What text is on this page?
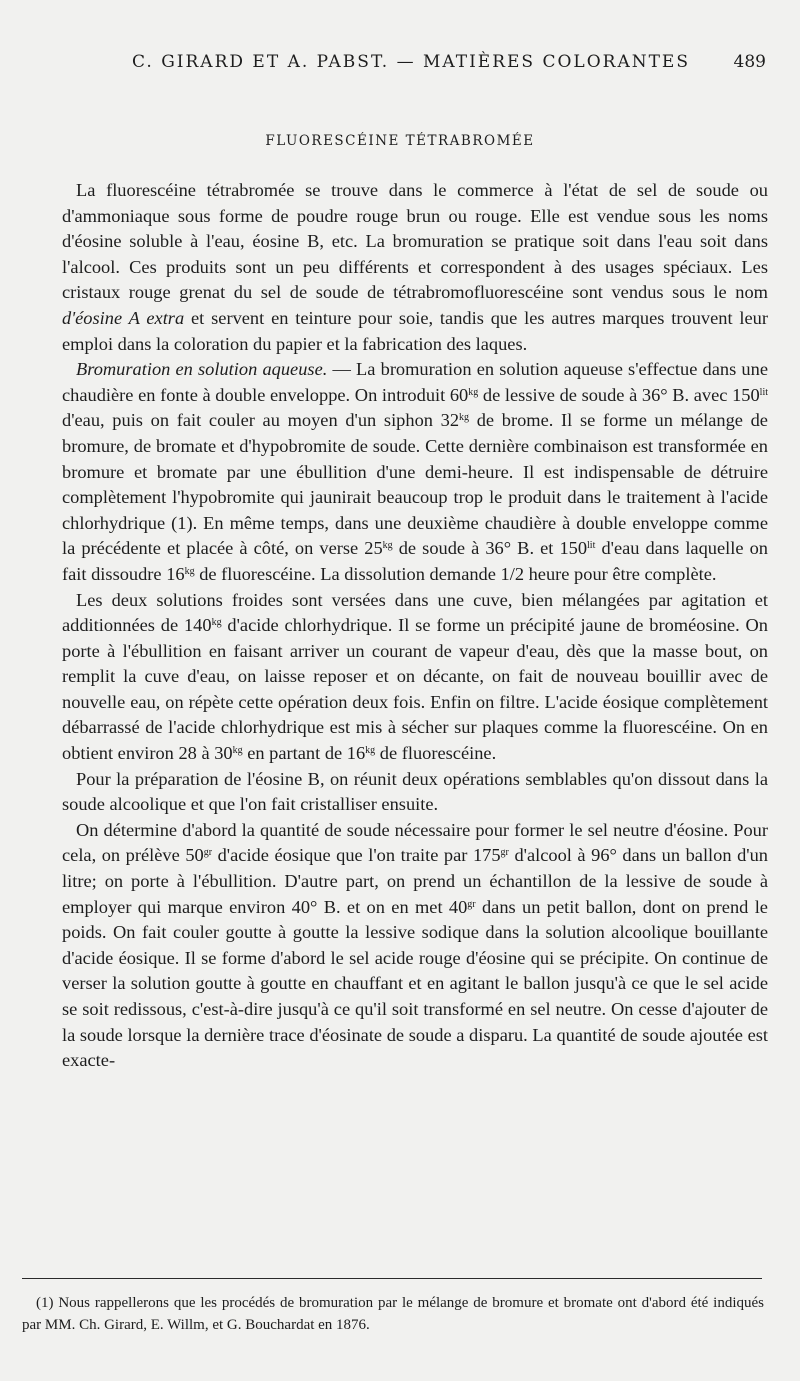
C. GIRARD ET A. PABST. — MATIÈRES COLORANTES	489
FLUORESCÉINE TÉTRABROMÉE

La fluorescéine tétrabromée se trouve dans le commerce à l'état de sel de soude ou d'ammoniaque sous forme de poudre rouge brun ou rouge. Elle est vendue sous les noms d'éosine soluble à l'eau, éosine B, etc. La bromuration se pratique soit dans l'eau soit dans l'alcool. Ces produits sont un peu différents et correspondent à des usages spéciaux. Les cristaux rouge grenat du sel de soude de tétrabromofluorescéine sont vendus sous le nom d'éosine A extra et servent en teinture pour soie, tandis que les autres marques trouvent leur emploi dans la coloration du papier et la fabrication des laques.

Bromuration en solution aqueuse. — La bromuration en solution aqueuse s'effectue dans une chaudière en fonte à double enveloppe. On introduit $60^{kg}$ de lessive de soude à 36° B. avec $150^{lit}$ d'eau, puis on fait couler au moyen d'un siphon $32^{kg}$ de brome. Il se forme un mélange de bromure, de bromate et d'hypobromite de soude. Cette dernière combinaison est transformée en bromure et bromate par une ébullition d'une demi-heure. Il est indispensable de détruire complètement l'hypobromite qui jaunirait beaucoup trop le produit dans le traitement à l'acide chlorhydrique (1). En même temps, dans une deuxième chaudière à double enveloppe comme la précédente et placée à côté, on verse $25^{kg}$ de soude à 36° B. et $150^{lit}$ d'eau dans laquelle on fait dissoudre $16^{kg}$ de fluorescéine. La dissolution demande 1/2 heure pour être complète.

Les deux solutions froides sont versées dans une cuve, bien mélangées par agitation et additionnées de $140^{kg}$ d'acide chlorhydrique. Il se forme un précipité jaune de broméosine. On porte à l'ébullition en faisant arriver un courant de vapeur d'eau, dès que la masse bout, on remplit la cuve d'eau, on laisse reposer et on décante, on fait de nouveau bouillir avec de nouvelle eau, on répète cette opération deux fois. Enfin on filtre. L'acide éosique complètement débarrassé de l'acide chlorhydrique est mis à sécher sur plaques comme la fluorescéine. On en obtient environ 28 à $30^{kg}$ en partant de $16^{kg}$ de fluorescéine.

Pour la préparation de l'éosine B, on réunit deux opérations semblables qu'on dissout dans la soude alcoolique et que l'on fait cristalliser ensuite.

On détermine d'abord la quantité de soude nécessaire pour former le sel neutre d'éosine. Pour cela, on prélève $50^{gr}$ d'acide éosique que l'on traite par $175^{gr}$ d'alcool à 96° dans un ballon d'un litre; on porte à l'ébullition. D'autre part, on prend un échantillon de la lessive de soude à employer qui marque environ 40° B. et on en met $40^{gr}$ dans un petit ballon, dont on prend le poids. On fait couler goutte à goutte la lessive sodique dans la solution alcoolique bouillante d'acide éosique. Il se forme d'abord le sel acide rouge d'éosine qui se précipite. On continue de verser la solution goutte à goutte en chauffant et en agitant le ballon jusqu'à ce que le sel acide se soit redissous, c'est-à-dire jusqu'à ce qu'il soit transformé en sel neutre. On cesse d'ajouter de la soude lorsque la dernière trace d'éosinate de soude a disparu. La quantité de soude ajoutée est exacte-

(1) Nous rappellerons que les procédés de bromuration par le mélange de bromure et bromate ont d'abord été indiqués par MM. Ch. Girard, E. Willm, et G. Bouchardat en 1876.
